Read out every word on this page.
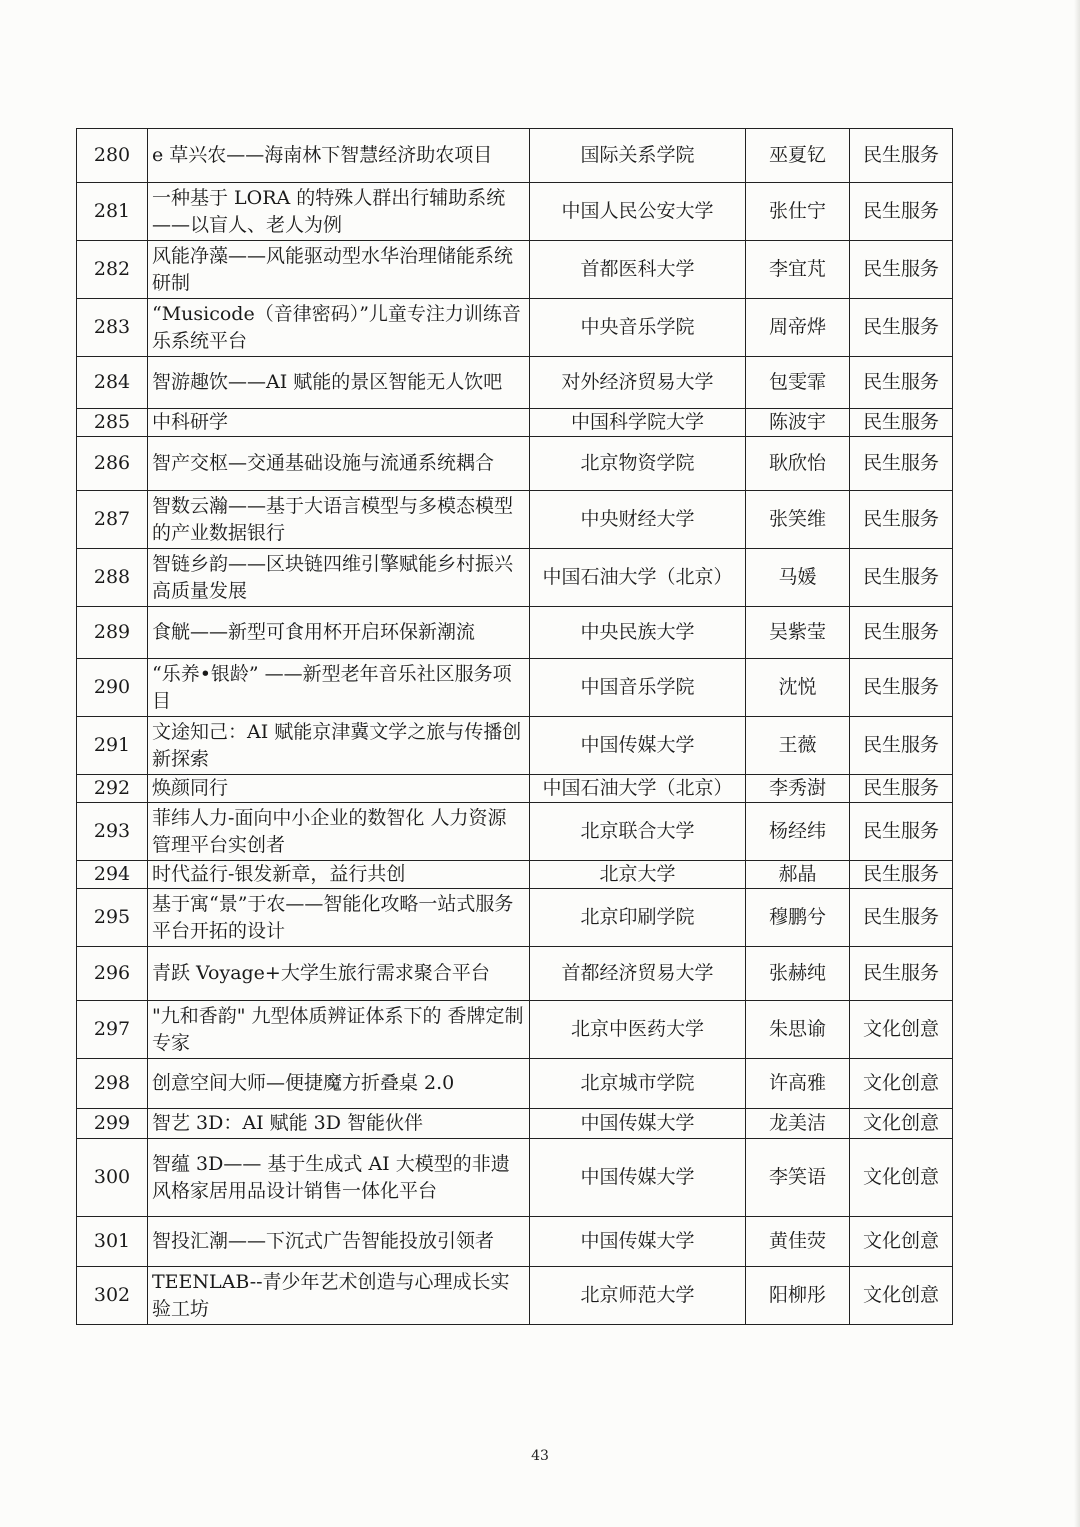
280	e 草兴农——海南林下智慧经济助农项目	国际关系学院	巫夏钇	民生服务
281	一种基于 LORA 的特殊人群出行辅助系统——以盲人、老人为例	中国人民公安大学	张仕宁	民生服务
282	风能净藻——风能驱动型水华治理储能系统研制	首都医科大学	李宜芃	民生服务
283	“Musicode（音律密码）”儿童专注力训练音乐系统平台	中央音乐学院	周帝烨	民生服务
284	智游趣饮——AI 赋能的景区智能无人饮吧	对外经济贸易大学	包雯霏	民生服务
285	中科研学	中国科学院大学	陈波宇	民生服务
286	智产交枢—交通基础设施与流通系统耦合	北京物资学院	耿欣怡	民生服务
287	智数云瀚——基于大语言模型与多模态模型的产业数据银行	中央财经大学	张笑维	民生服务
288	智链乡韵——区块链四维引擎赋能乡村振兴高质量发展	中国石油大学（北京）	马媛	民生服务
289	食觥——新型可食用杯开启环保新潮流	中央民族大学	吴紫莹	民生服务
290	“乐养•银龄” ——新型老年音乐社区服务项目	中国音乐学院	沈悦	民生服务
291	文途知己：AI 赋能京津冀文学之旅与传播创新探索	中国传媒大学	王薇	民生服务
292	焕颜同行	中国石油大学（北京）	李秀澍	民生服务
293	菲纬人力-面向中小企业的数智化 人力资源管理平台实创者	北京联合大学	杨经纬	民生服务
294	时代益行-银发新章，益行共创	北京大学	郝晶	民生服务
295	基于寓“景”于农——智能化攻略一站式服务平台开拓的设计	北京印刷学院	穆鹏兮	民生服务
296	青跃 Voyage+大学生旅行需求聚合平台	首都经济贸易大学	张赫纯	民生服务
297	"九和香韵" 九型体质辨证体系下的 香牌定制专家	北京中医药大学	朱思谕	文化创意
298	创意空间大师—便捷魔方折叠桌 2.0	北京城市学院	许高雅	文化创意
299	智艺 3D：AI 赋能 3D 智能伙伴	中国传媒大学	龙美洁	文化创意
300	智蕴 3D—— 基于生成式 AI 大模型的非遗风格家居用品设计销售一体化平台	中国传媒大学	李笑语	文化创意
301	智投汇潮——下沉式广告智能投放引领者	中国传媒大学	黄佳荧	文化创意
302	TEENLAB--青少年艺术创造与心理成长实验工坊	北京师范大学	阳柳彤	文化创意
43
